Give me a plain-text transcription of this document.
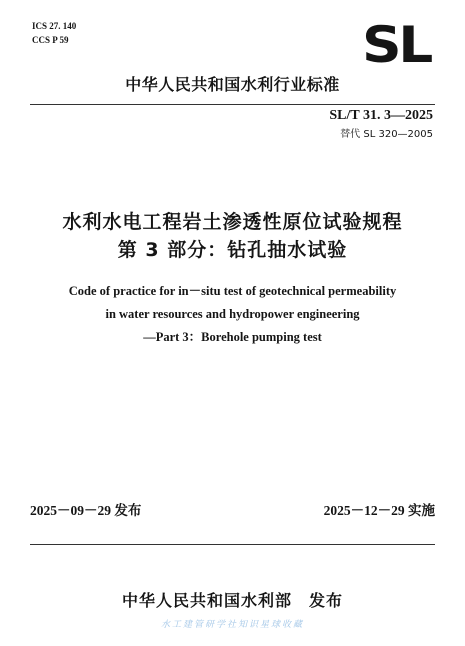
ICS 27. 140
CCS P 59	SL
中华人民共和国水利行业标准
SL/T 31. 3—2025
替代 SL 320—2005
水利水电工程岩土渗透性原位试验规程
第 3 部分：钻孔抽水试验
Code of practice for in－situ test of geotechnical permeability
in water resources and hydropower engineering
—Part 3：Borehole pumping test
2025－09－29 发布	2025－12－29 实施
中华人民共和国水利部　发布
水工建管研学社知识星球收藏
